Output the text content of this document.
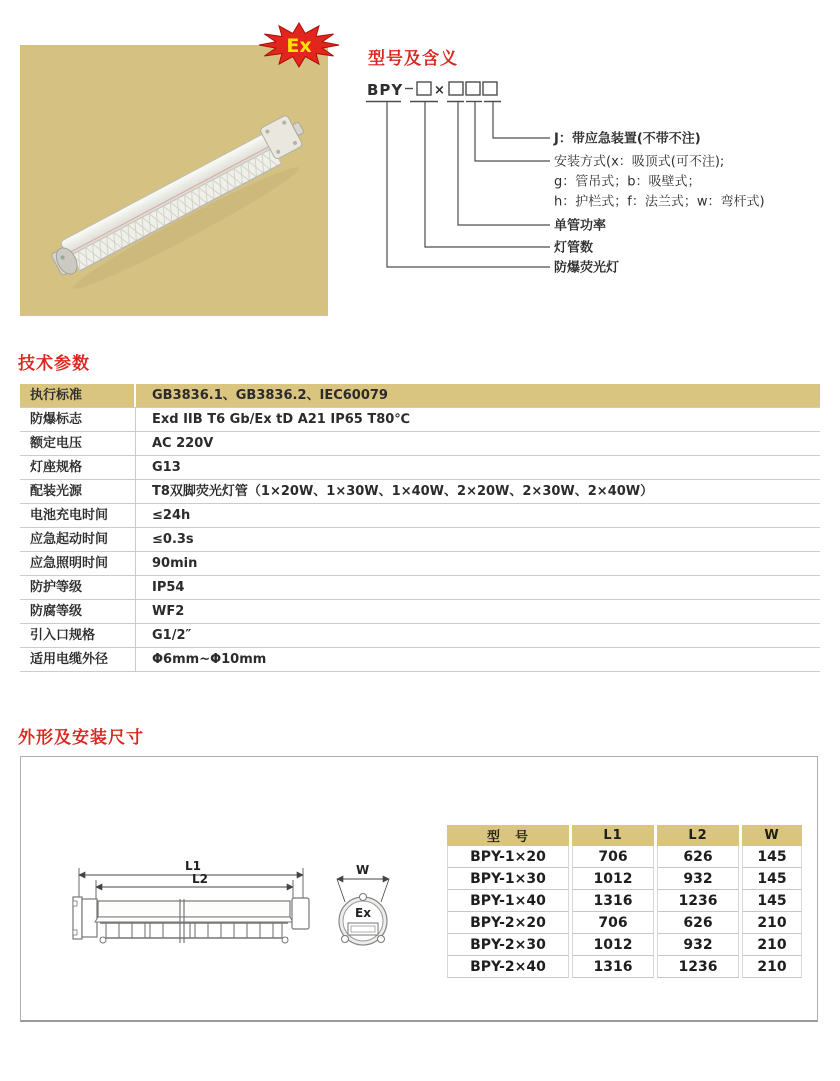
Ex
型号及含义
BPY ×
J：带应急装置(不带不注)
安装方式(x：吸顶式(可不注);
g：管吊式；b：吸壁式；
h：护栏式；f：法兰式；w：弯杆式)
单管功率
灯管数
防爆荧光灯
技术参数
执行标准	GB3836.1、GB3836.2、IEC60079
防爆标志	Exd IIB T6 Gb/Ex tD A21 IP65 T80℃
额定电压	AC 220V
灯座规格	G13
配装光源	T8双脚荧光灯管（1×20W、1×30W、1×40W、2×20W、2×30W、2×40W）
电池充电时间	≤24h
应急起动时间	≤0.3s
应急照明时间	90min
防护等级	IP54
防腐等级	WF2
引入口规格	G1/2″
适用电缆外径	Φ6mm~Φ10mm
外形及安装尺寸
L1
L2
W
Ex
型　号	L1	L2	W
BPY-1×20	706	626	145
BPY-1×30	1012	932	145
BPY-1×40	1316	1236	145
BPY-2×20	706	626	210
BPY-2×30	1012	932	210
BPY-2×40	1316	1236	210
